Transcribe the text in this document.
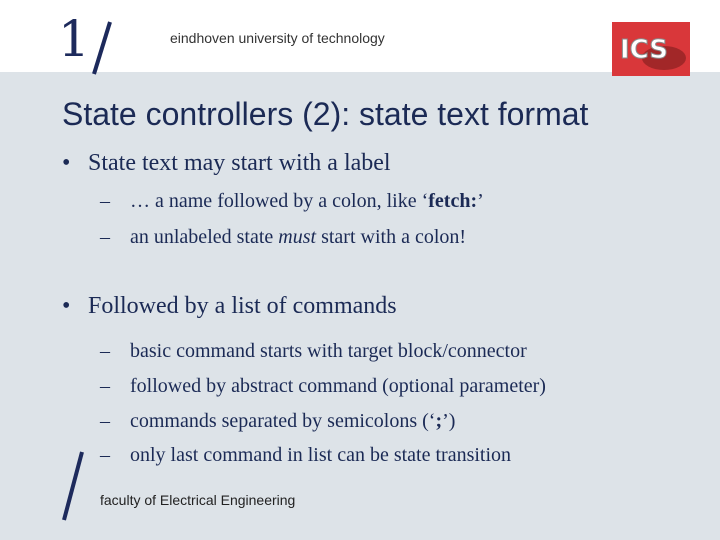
1	eindhoven university of technology	ICS
State controllers (2): state text format
• State text may start with a label
– … a name followed by a colon, like ‘fetch:’
– an unlabeled state must start with a colon!
• Followed by a list of commands
– basic command starts with target block/connector
– followed by abstract command (optional parameter)
– commands separated by semicolons (‘;’)
– only last command in list can be state transition
faculty of Electrical Engineering
